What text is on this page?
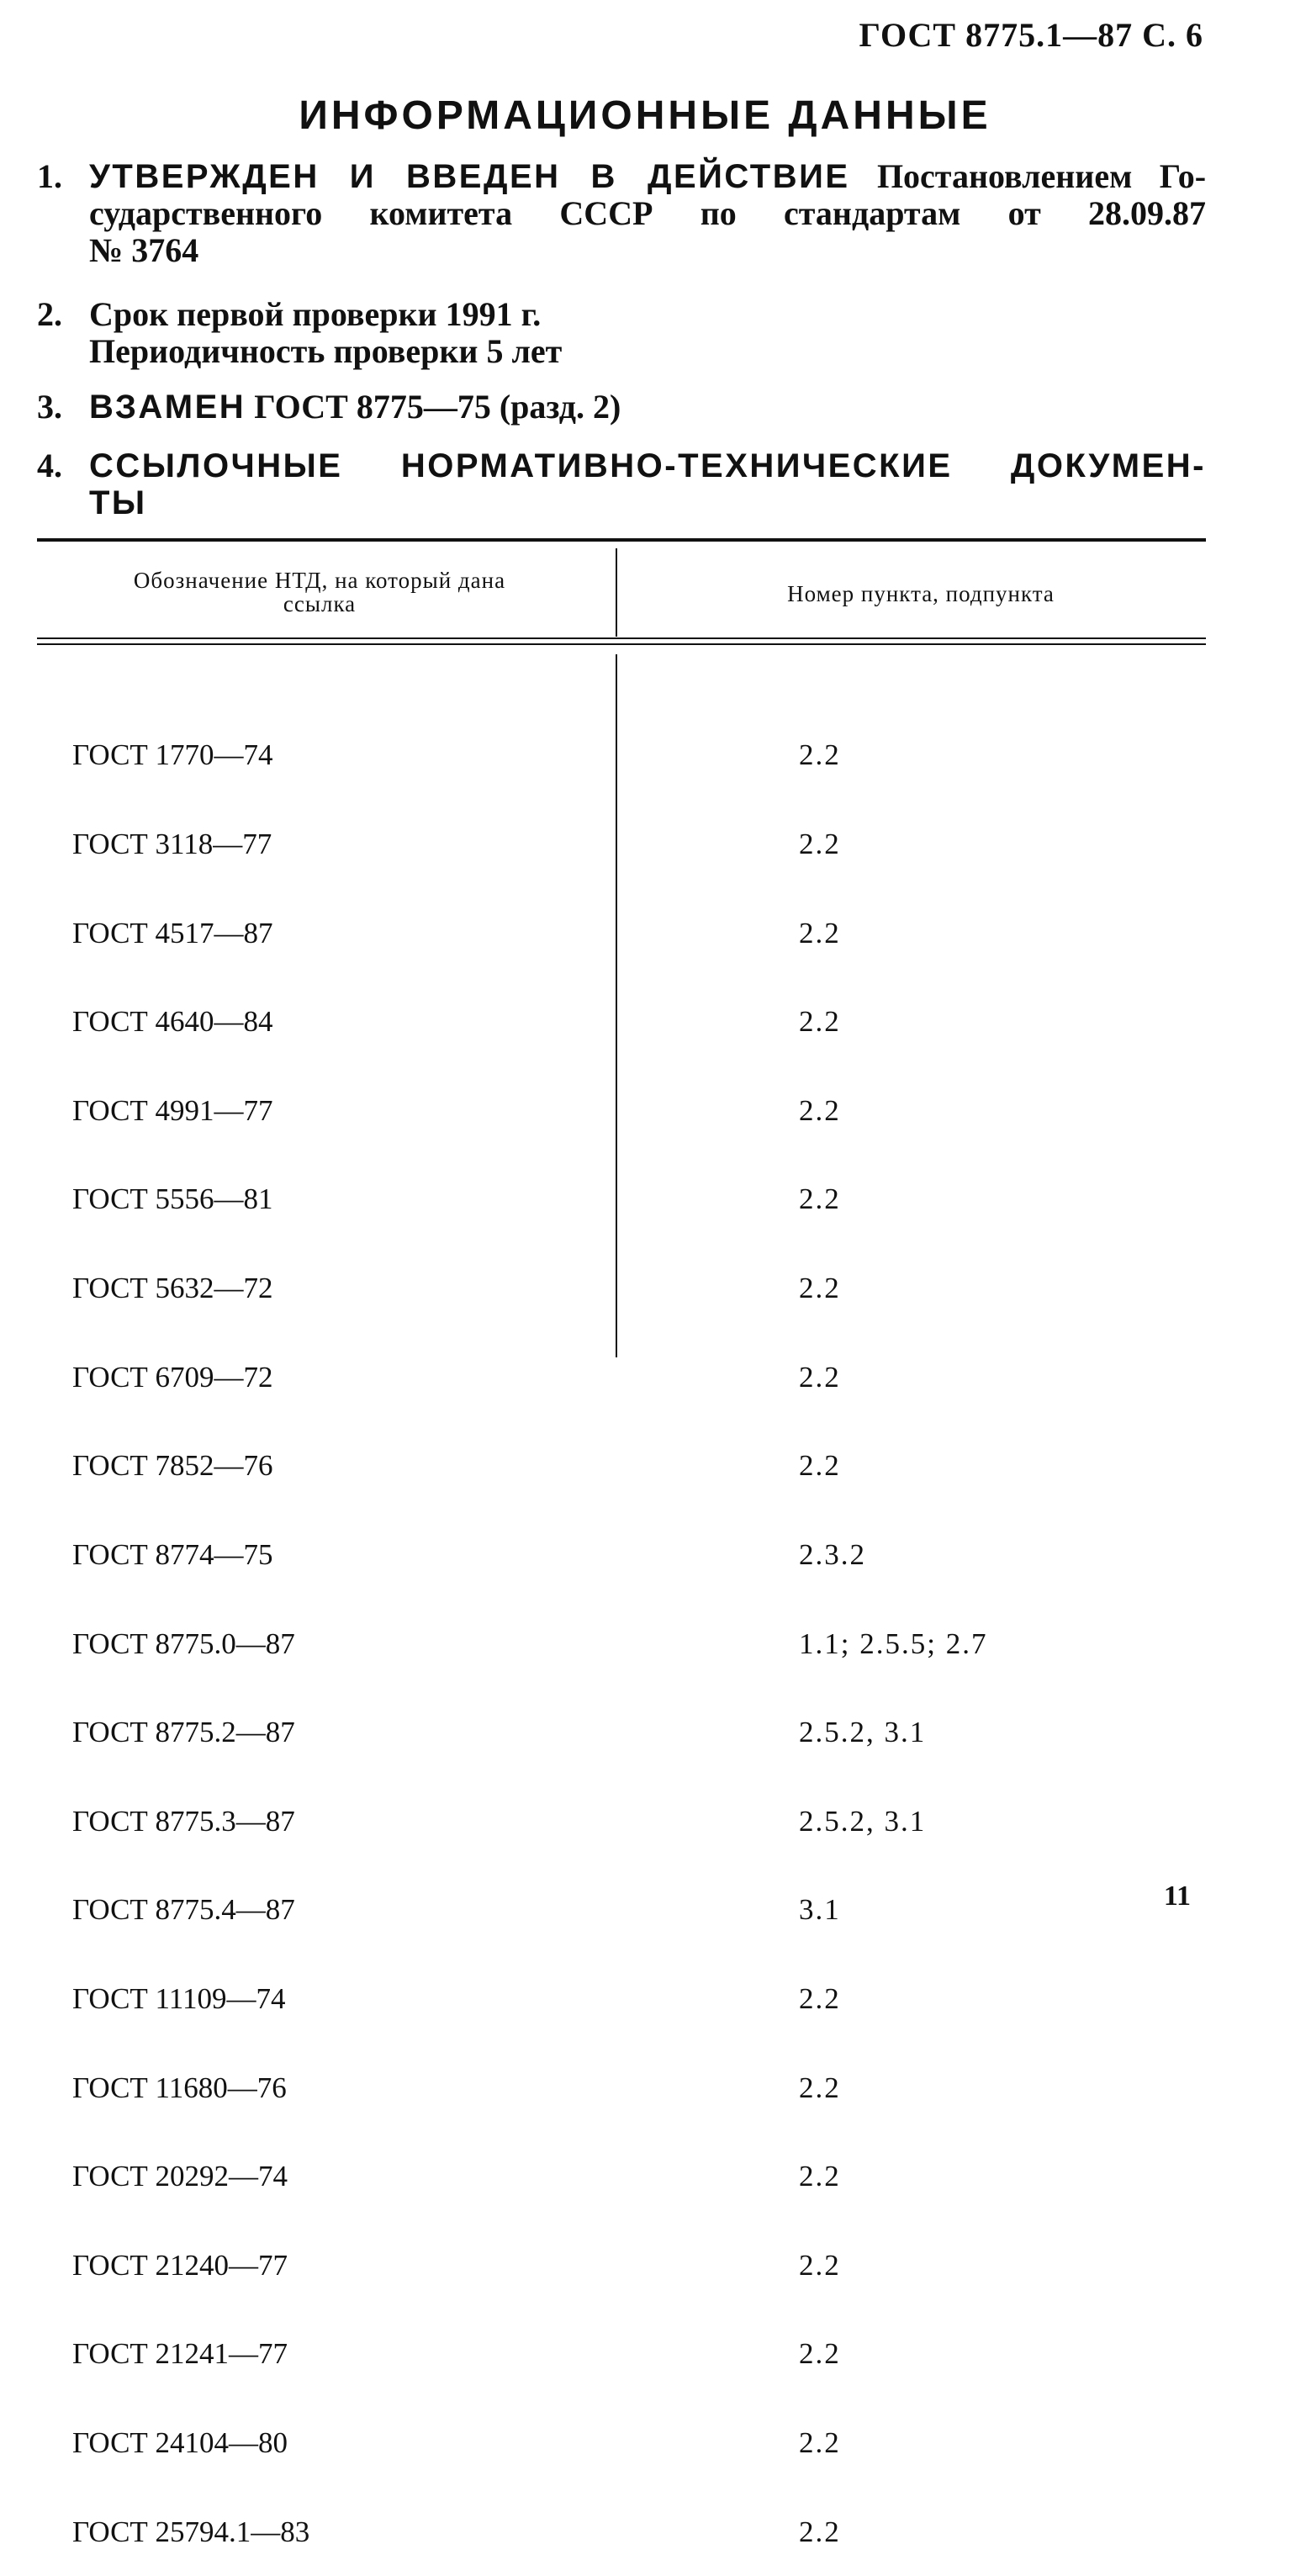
ГОСТ 8775.1—87 С. 6
ИНФОРМАЦИОННЫЕ ДАННЫЕ
1. УТВЕРЖДЕН И ВВЕДЕН В ДЕЙСТВИЕ Постановлением Го-
сударственного комитета СССР по стандартам от 28.09.87
№ 3764
2. Срок первой проверки 1991 г.
Периодичность проверки 5 лет
3. ВЗАМЕН ГОСТ 8775—75 (разд. 2)
4. ССЫЛОЧНЫЕ НОРМАТИВНО-ТЕХНИЧЕСКИЕ ДОКУМЕН-
ТЫ
Обозначение НТД, на который дана
ссылка	Номер пункта, подпункта

ГОСТ 1770—74

ГОСТ 3118—77

ГОСТ 4517—87

ГОСТ 4640—84

ГОСТ 4991—77

ГОСТ 5556—81

ГОСТ 5632—72

ГОСТ 6709—72

ГОСТ 7852—76

ГОСТ 8774—75

ГОСТ 8775.0—87

ГОСТ 8775.2—87

ГОСТ 8775.3—87

ГОСТ 8775.4—87

ГОСТ 11109—74

ГОСТ 11680—76

ГОСТ 20292—74

ГОСТ 21240—77

ГОСТ 21241—77

ГОСТ 24104—80

ГОСТ 25794.1—83

2.2

2.2

2.2

2.2

2.2

2.2

2.2

2.2

2.2

2.3.2

1.1; 2.5.5; 2.7

2.5.2, 3.1

2.5.2, 3.1

3.1

2.2

2.2

2.2

2.2

2.2

2.2

2.2

11
